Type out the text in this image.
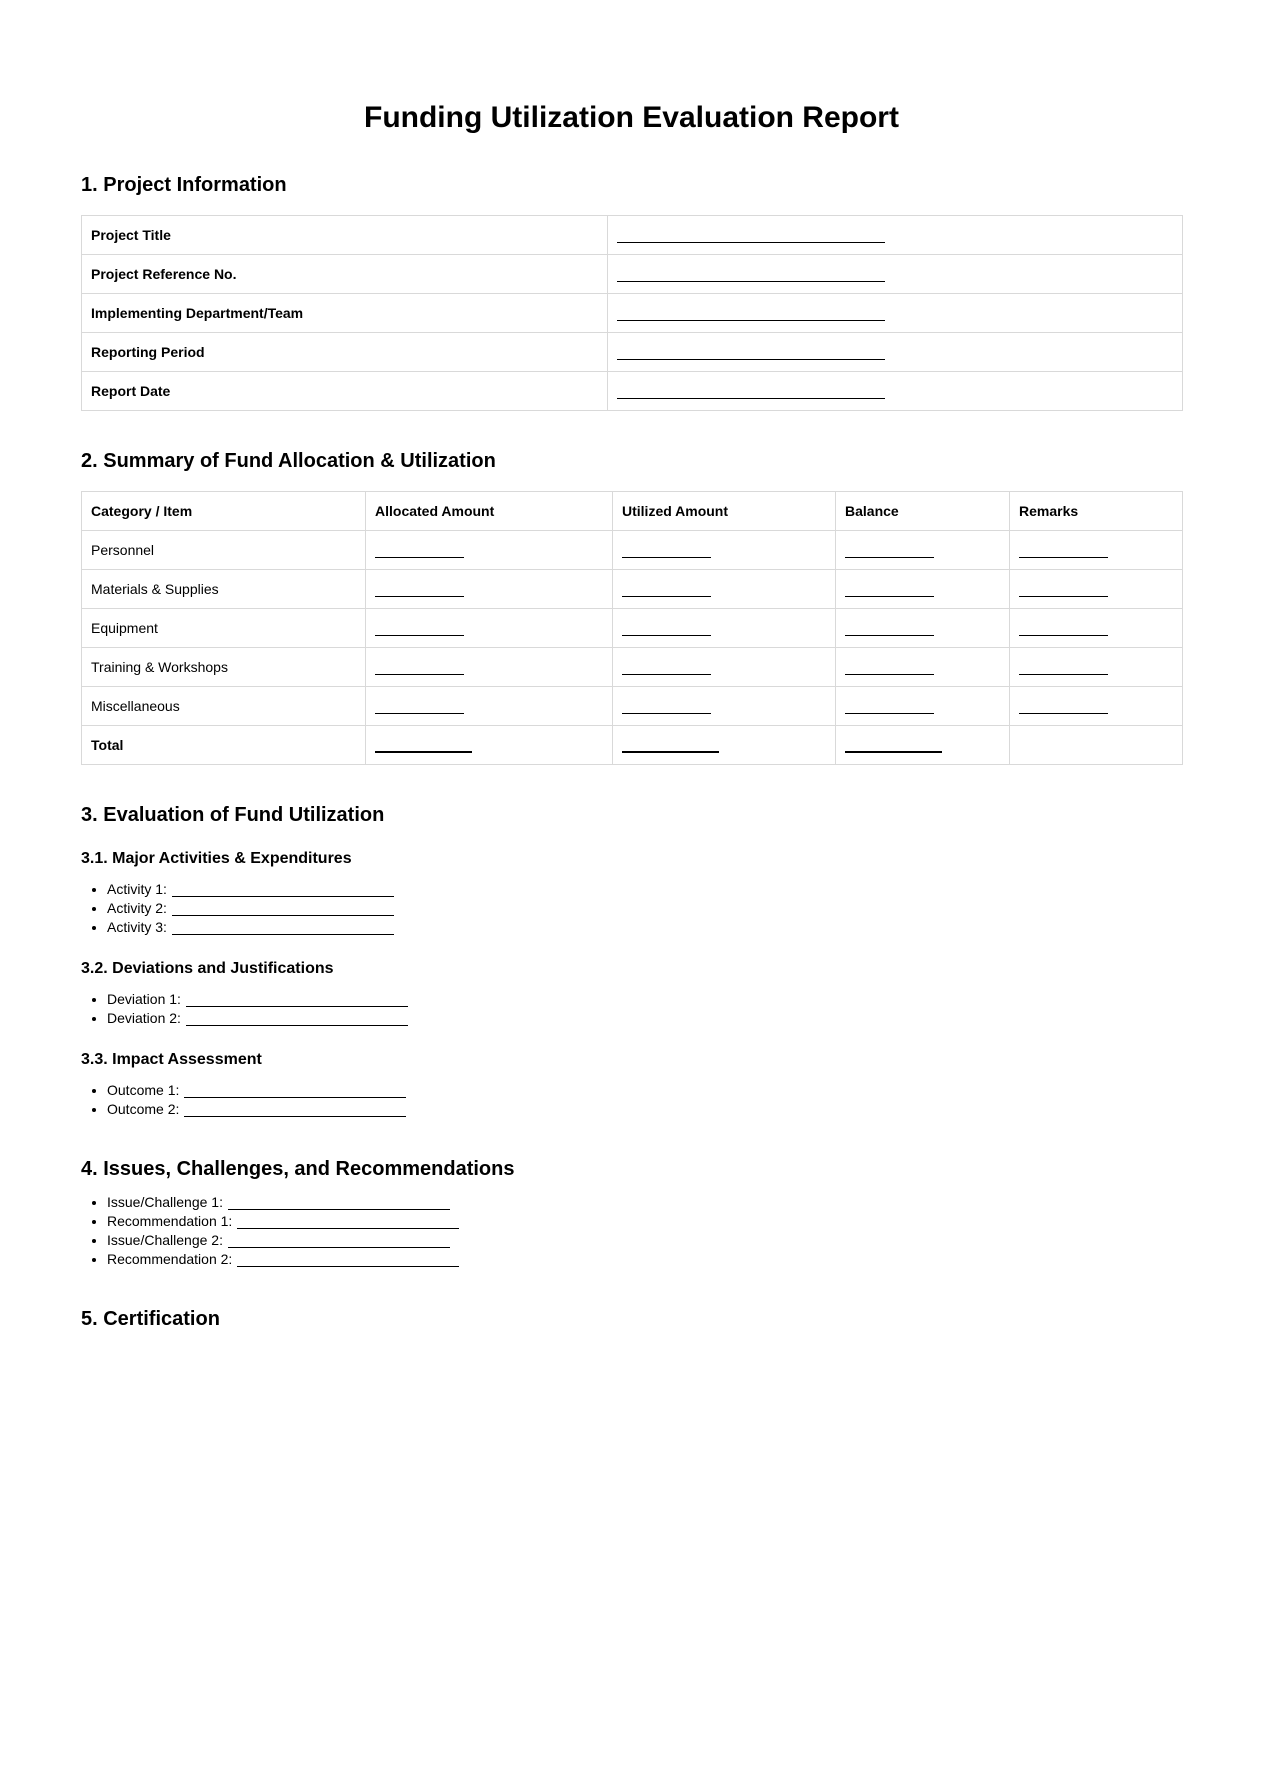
Funding Utilization Evaluation Report
1. Project Information
Project Title	
Project Reference No.	
Implementing Department/Team	
Reporting Period	
Report Date	
2. Summary of Fund Allocation & Utilization
Category / Item	Allocated Amount	Utilized Amount	Balance	Remarks
Personnel				
Materials & Supplies				
Equipment				
Training & Workshops				
Miscellaneous				
Total				
3. Evaluation of Fund Utilization
3.1. Major Activities & Expenditures
• Activity 1:
• Activity 2:
• Activity 3:
3.2. Deviations and Justifications
• Deviation 1:
• Deviation 2:
3.3. Impact Assessment
• Outcome 1:
• Outcome 2:
4. Issues, Challenges, and Recommendations
• Issue/Challenge 1:
• Recommendation 1:
• Issue/Challenge 2:
• Recommendation 2:
5. Certification
